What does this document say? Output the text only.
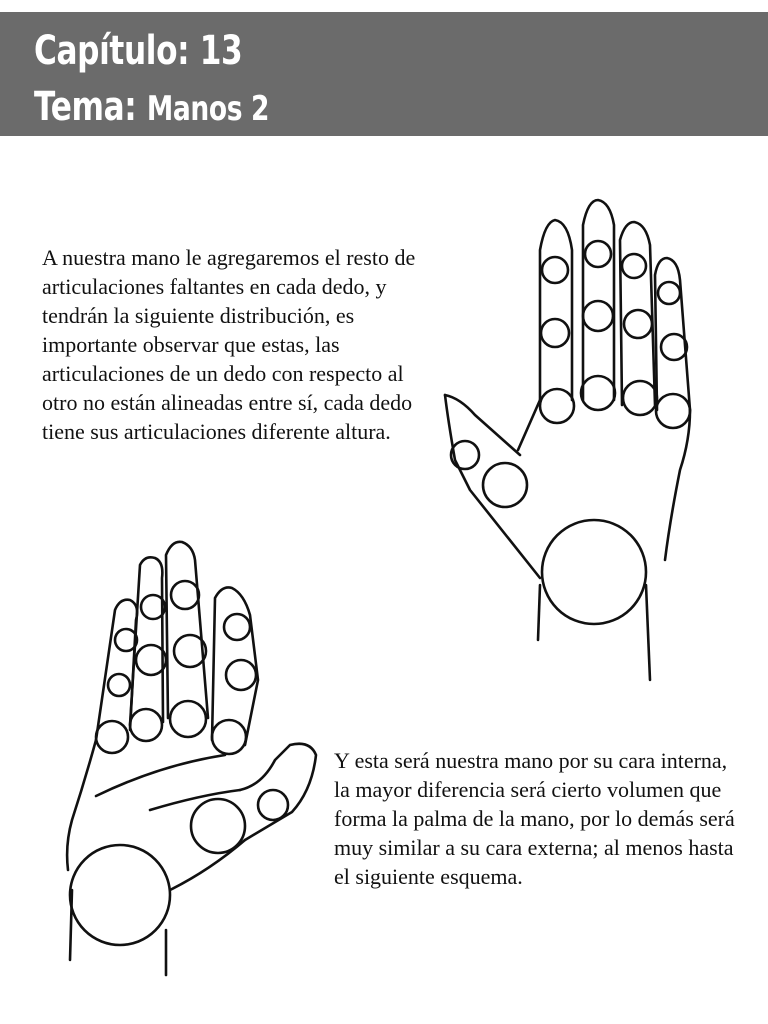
Capítulo: 13
Tema: Manos 2

A nuestra mano le agregaremos el resto de articulaciones faltantes en cada dedo, y tendrán la siguiente distribución, es importante observar que estas, las articulaciones de un dedo con respecto al otro no están alineadas entre sí, cada dedo tiene sus articulaciones diferente altura.

Y esta será nuestra mano por su cara interna, la mayor diferencia será cierto volumen que forma la palma de la mano, por lo demás será muy similar a su cara externa; al menos hasta el siguiente esquema.
